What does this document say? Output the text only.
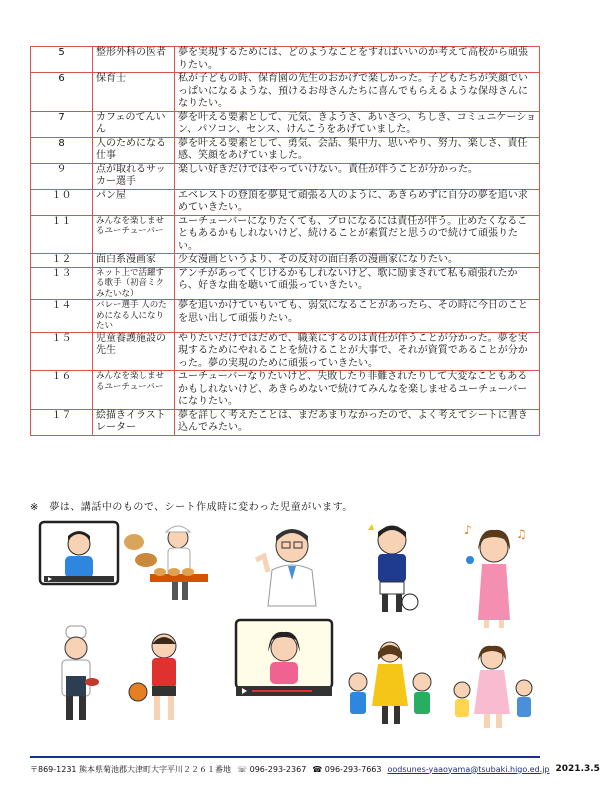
5	整形外科の医者	夢を実現するためには、どのようなことをすればいいのか考えて高校から頑張りたい。
6	保育士	私が子どもの時、保育園の先生のおかげで楽しかった。子どもたちが笑顔でいっぱいになるような、預けるお母さんたちに喜んでもらえるような保母さんになりたい。
7	カフェのてんいん	夢を叶える要素として、元気、きようさ、あいさつ、ちしき、コミュニケーション、パソコン、センス、けんこうをあげていました。
8	人のためになる仕事	夢を叶える要素として、勇気、会話、集中力、思いやり、努力、楽しさ、責任感、笑顔をあげていました。
９	点が取れるサッカー選手	楽しい好きだけではやっていけない。責任が伴うことが分かった。
１０	パン屋	エベレストの登頂を夢見て頑張る人のように、あきらめずに自分の夢を追い求めていきたい。
１１	みんなを楽しませるユーチューバー	ユーチューバーになりたくても、プロになるには責任が伴う。止めたくなることもあるかもしれないけど、続けることが素質だと思うので続けて頑張りたい。
１２	面白系漫画家	少女漫画というより、その反対の面白系の漫画家になりたい。
１３	ネット上で活躍する歌手（初音ミクみたいな）	アンチがあってくじけるかもしれないけど、歌に励まされて私も頑張れたから、好きな曲を聴いて頑張っていきたい。
１４	バレー選手 人のためになる人になりたい	夢を追いかけていもいても、弱気になることがあったら、その時に今日のことを思い出して頑張りたい。
１５	児童養護施設の先生	やりたいだけではだめで、職業にするのは責任が伴うことが分かった。夢を実現するためにやれることを続けることが大事で、それが資質であることが分かった。夢の実現のために頑張っていきたい。
１６	みんなを楽しませるユーチューバー	ユーチューバーなりたいけど、失敗したり非難されたりして大変なこともあるかもしれないけど、あきらめないで続けてみんなを楽しませるユーチューバーになりたい。
１７	絵描きイラストレーター	夢を詳しく考えたことは、まだあまりなかったので、よく考えてシートに書き込んでみたい。
※　夢は、講話中のもので、シート作成時に変わった児童がいます。
♪	♫
〒869-1231 熊本県菊池郡大津町大字平川２２６１番地 ☏ 096-293-2367 ☎ 096-293-7663 oodsunes-yaaoyama@tsubaki.higo.ed.jp 2021.3.5
